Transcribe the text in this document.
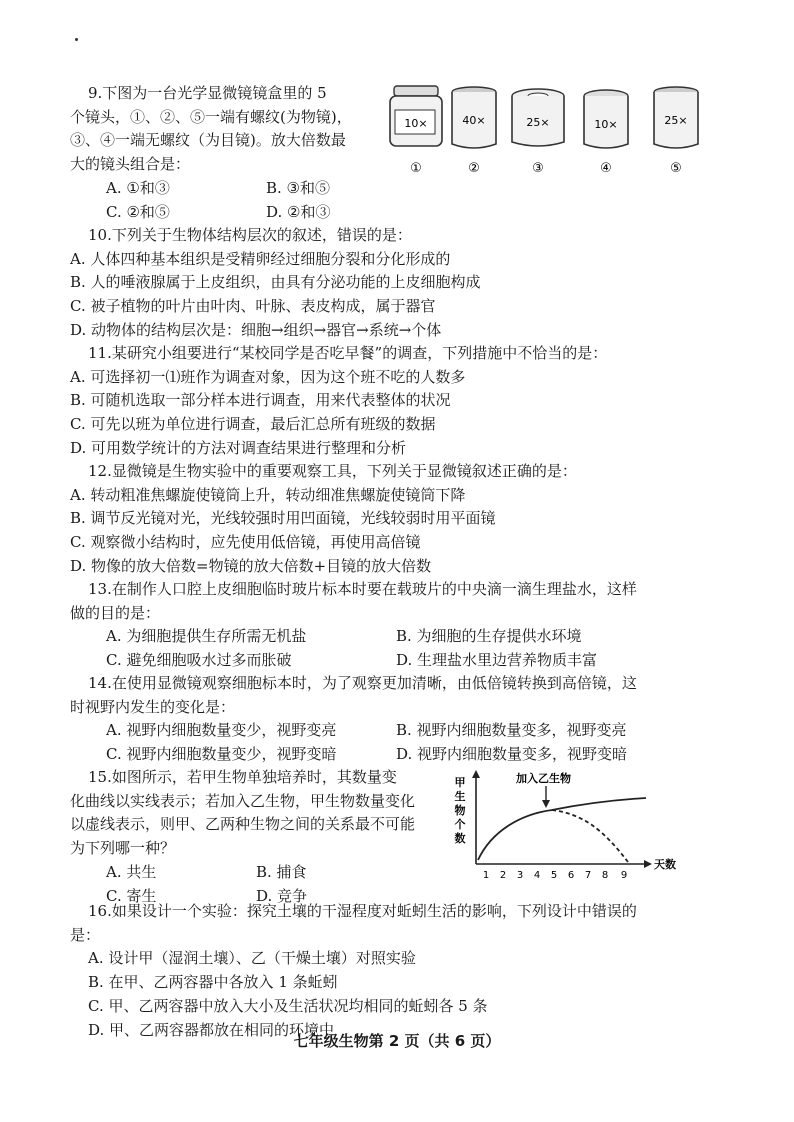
9.下图为一台光学显微镜镜盒里的 5
个镜头，①、②、⑤一端有螺纹(为物镜)，
③、④一端无螺纹（为目镜)。放大倍数最
大的镜头组合是：
A. ①和③	B. ③和⑤
C. ②和⑤	D. ②和③
10×
①
40×
②
25×
③
10×
④
25×
⑤
10.下列关于生物体结构层次的叙述，错误的是：
A. 人体四种基本组织是受精卵经过细胞分裂和分化形成的
B. 人的唾液腺属于上皮组织，由具有分泌功能的上皮细胞构成
C. 被子植物的叶片由叶肉、叶脉、表皮构成，属于器官
D. 动物体的结构层次是：细胞→组织→器官→系统→个体
11.某研究小组要进行“某校同学是否吃早餐”的调查，下列措施中不恰当的是：
A. 可选择初一⑴班作为调查对象，因为这个班不吃的人数多
B. 可随机选取一部分样本进行调查，用来代表整体的状况
C. 可先以班为单位进行调查，最后汇总所有班级的数据
D. 可用数学统计的方法对调查结果进行整理和分析
12.显微镜是生物实验中的重要观察工具，下列关于显微镜叙述正确的是：
A. 转动粗准焦螺旋使镜筒上升，转动细准焦螺旋使镜筒下降
B. 调节反光镜对光，光线较强时用凹面镜，光线较弱时用平面镜
C. 观察微小结构时，应先使用低倍镜，再使用高倍镜
D. 物像的放大倍数=物镜的放大倍数+目镜的放大倍数
13.在制作人口腔上皮细胞临时玻片标本时要在载玻片的中央滴一滴生理盐水，这样
做的目的是：
A. 为细胞提供生存所需无机盐	B. 为细胞的生存提供水环境
C. 避免细胞吸水过多而胀破	D. 生理盐水里边营养物质丰富
14.在使用显微镜观察细胞标本时，为了观察更加清晰，由低倍镜转换到高倍镜，这
时视野内发生的变化是：
A. 视野内细胞数量变少，视野变亮	B. 视野内细胞数量变多，视野变亮
C. 视野内细胞数量变少，视野变暗	D. 视野内细胞数量变多，视野变暗
15.如图所示，若甲生物单独培养时，其数量变
化曲线以实线表示；若加入乙生物，甲生物数量变化
以虚线表示，则甲、乙两种生物之间的关系最不可能
为下列哪一种？
A. 共生	B. 捕食
C. 寄生	D. 竞争
甲
生
物
个
数
天数
加入乙生物
1 2 3 4 5 6 7 8 9
16.如果设计一个实验：探究土壤的干湿程度对蚯蚓生活的影响，下列设计中错误的
是：
A. 设计甲（湿润土壤）、乙（干燥土壤）对照实验
B. 在甲、乙两容器中各放入 1 条蚯蚓
C. 甲、乙两容器中放入大小及生活状况均相同的蚯蚓各 5 条
D. 甲、乙两容器都放在相同的环境中
七年级生物第 2 页（共 6 页）
